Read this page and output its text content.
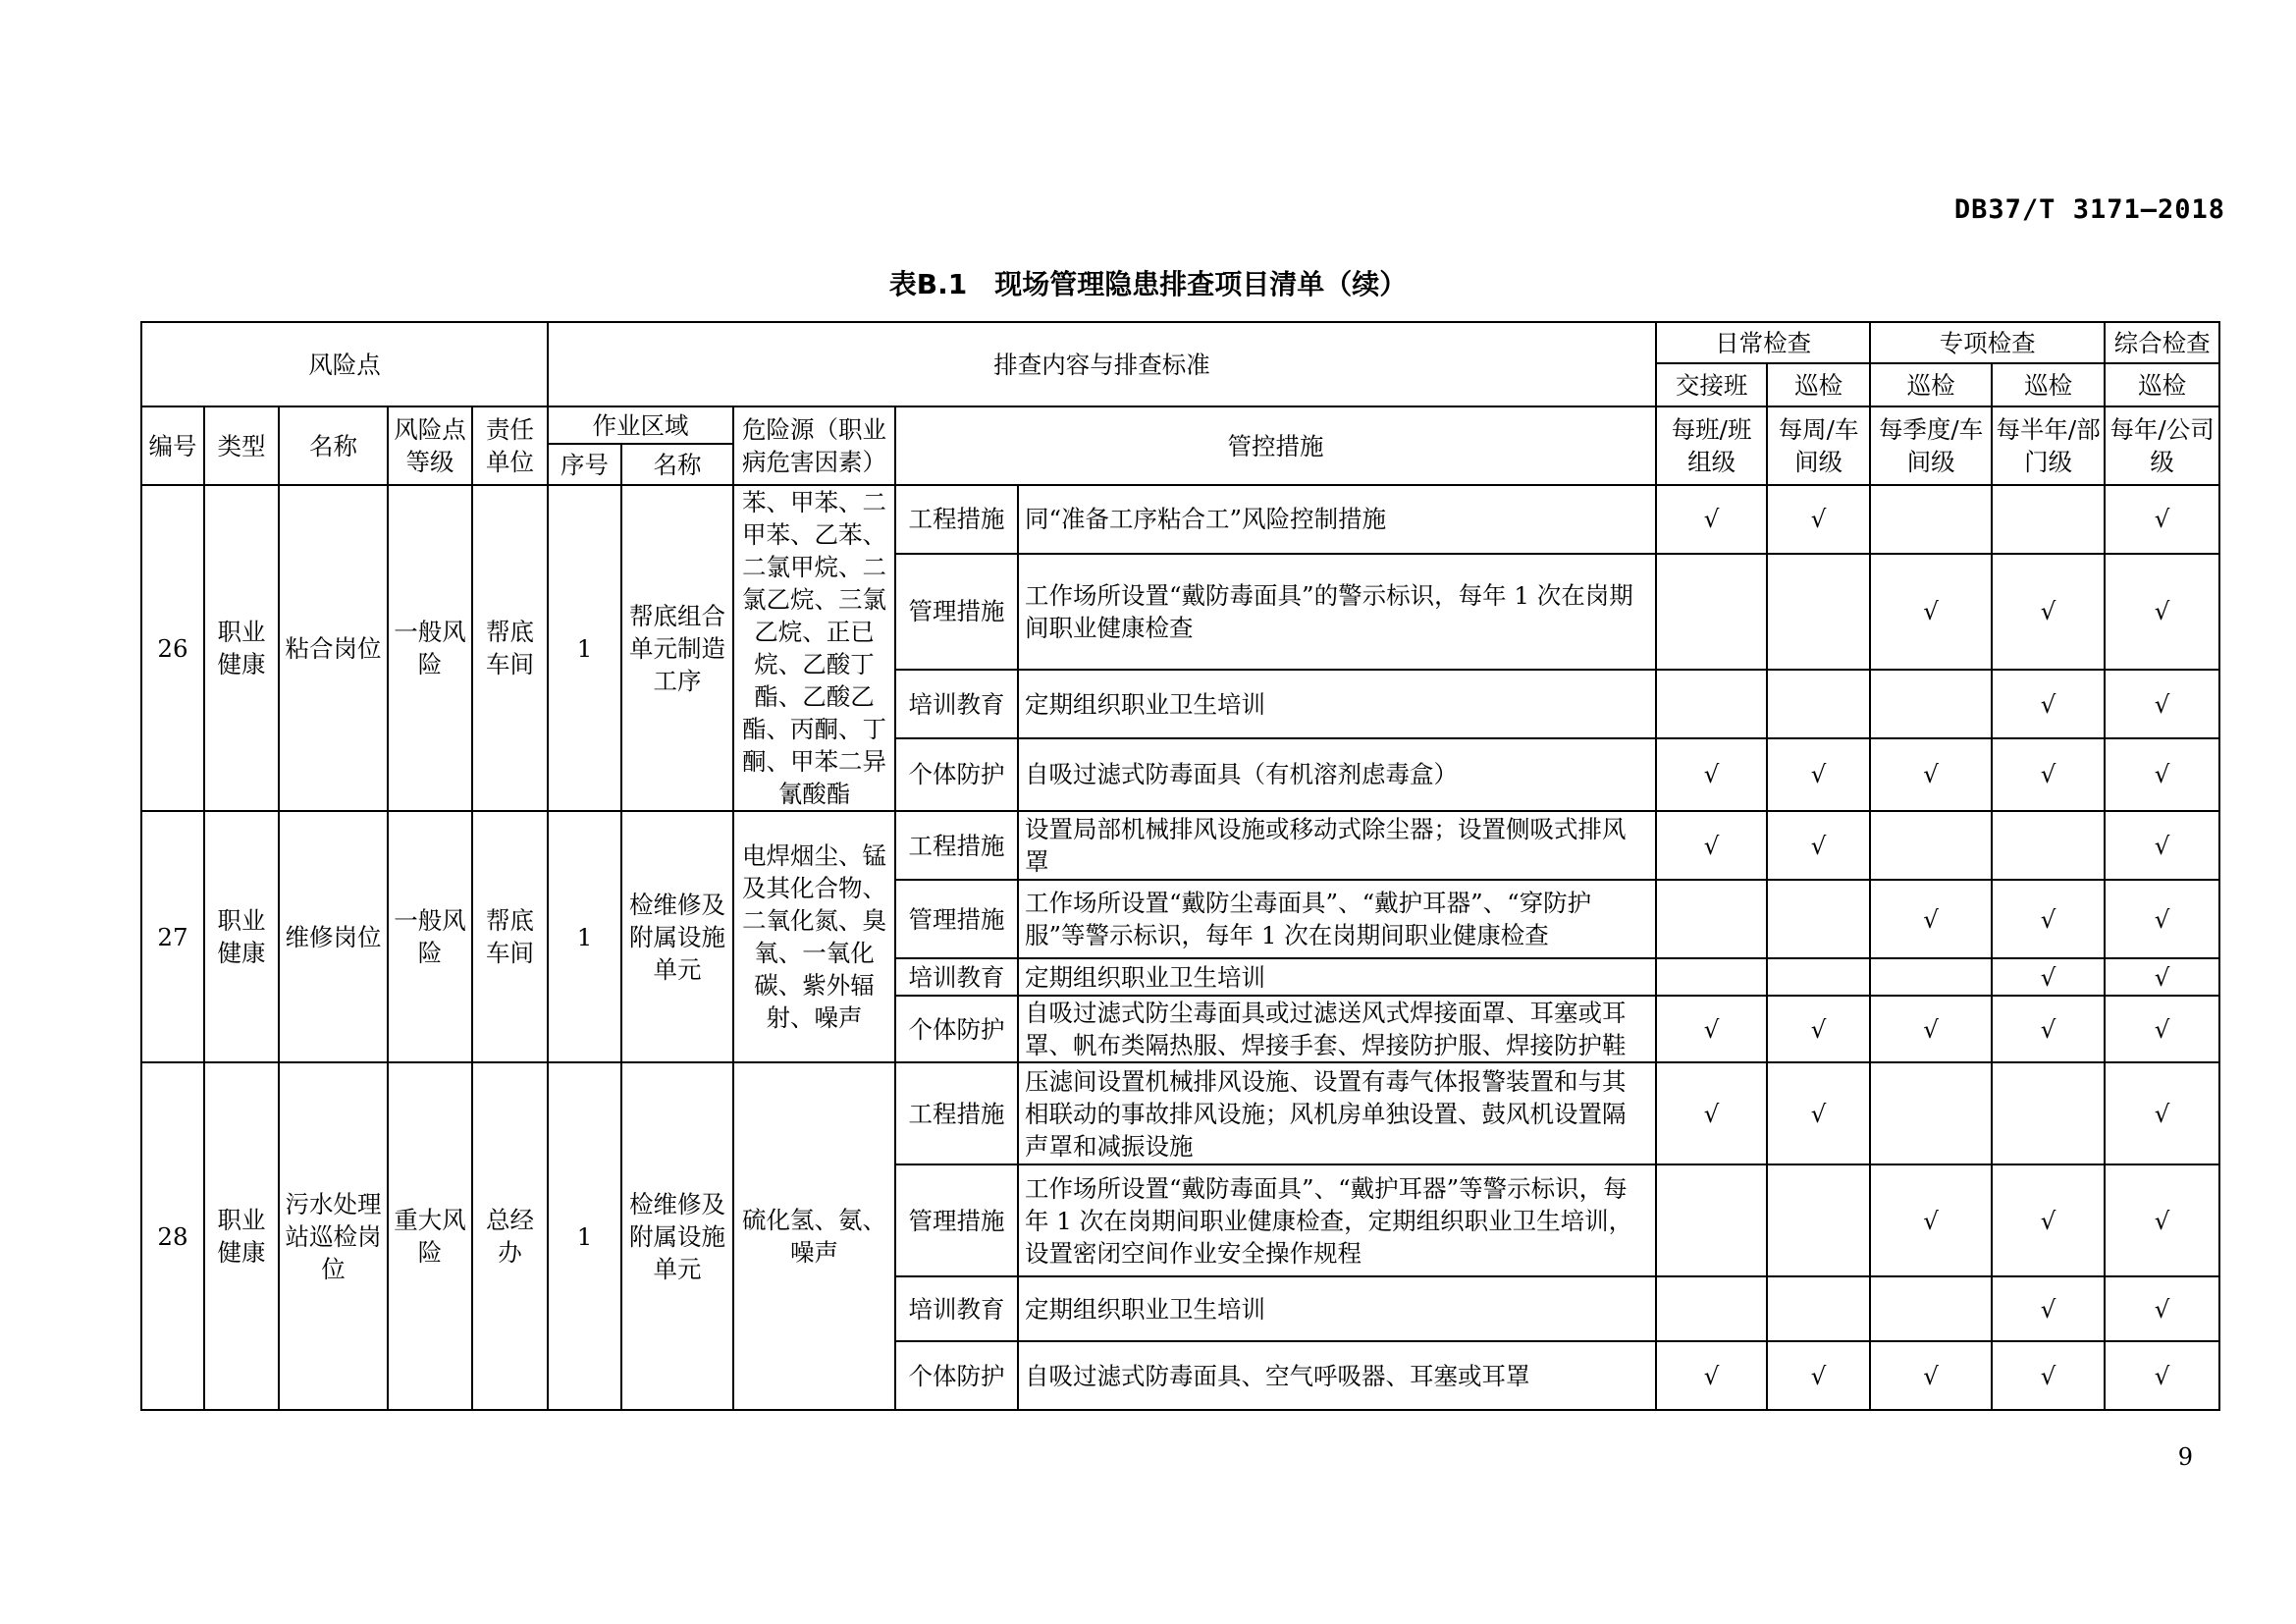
DB37/T 3171—2018
表B.1　现场管理隐患排查项目清单（续）
风险点					排查内容与排查标准					日常检查		专项检查		综合检查
										交接班	巡检	巡检	巡检	巡检
编号	类型	名称	风险点等级	责任单位	作业区域		危险源（职业病危害因素）	管控措施		每班/班组级	每周/车间级	每季度/车间级	每半年/部门级	每年/公司级
					序号	名称								
26	职业健康	粘合岗位	一般风险	帮底车间	1	帮底组合单元制造工序	苯、甲苯、二甲苯、乙苯、二氯甲烷、二氯乙烷、三氯乙烷、正已烷、乙酸丁酯、乙酸乙酯、丙酮、丁酮、甲苯二异氰酸酯	工程措施	同“准备工序粘合工”风险控制措施	√	√			√
								管理措施	工作场所设置“戴防毒面具”的警示标识，每年 1 次在岗期间职业健康检查			√	√	√
								培训教育	定期组织职业卫生培训				√	√
								个体防护	自吸过滤式防毒面具（有机溶剂虑毒盒）	√	√	√	√	√
27	职业健康	维修岗位	一般风险	帮底车间	1	检维修及附属设施单元	电焊烟尘、锰及其化合物、二氧化氮、臭氧、一氧化碳、紫外辐射、噪声	工程措施	设置局部机械排风设施或移动式除尘器；设置侧吸式排风罩	√	√			√
								管理措施	工作场所设置“戴防尘毒面具”、“戴护耳器”、“穿防护服”等警示标识，每年 1 次在岗期间职业健康检查			√	√	√
								培训教育	定期组织职业卫生培训				√	√
								个体防护	自吸过滤式防尘毒面具或过滤送风式焊接面罩、耳塞或耳罩、帆布类隔热服、焊接手套、焊接防护服、焊接防护鞋	√	√	√	√	√
28	职业健康	污水处理站巡检岗位	重大风险	总经办	1	检维修及附属设施单元	硫化氢、氨、噪声	工程措施	压滤间设置机械排风设施、设置有毒气体报警装置和与其相联动的事故排风设施；风机房单独设置、鼓风机设置隔声罩和减振设施	√	√			√
								管理措施	工作场所设置“戴防毒面具”、“戴护耳器”等警示标识，每年 1 次在岗期间职业健康检查，定期组织职业卫生培训，设置密闭空间作业安全操作规程			√	√	√
								培训教育	定期组织职业卫生培训				√	√
								个体防护	自吸过滤式防毒面具、空气呼吸器、耳塞或耳罩	√	√	√	√	√
9
